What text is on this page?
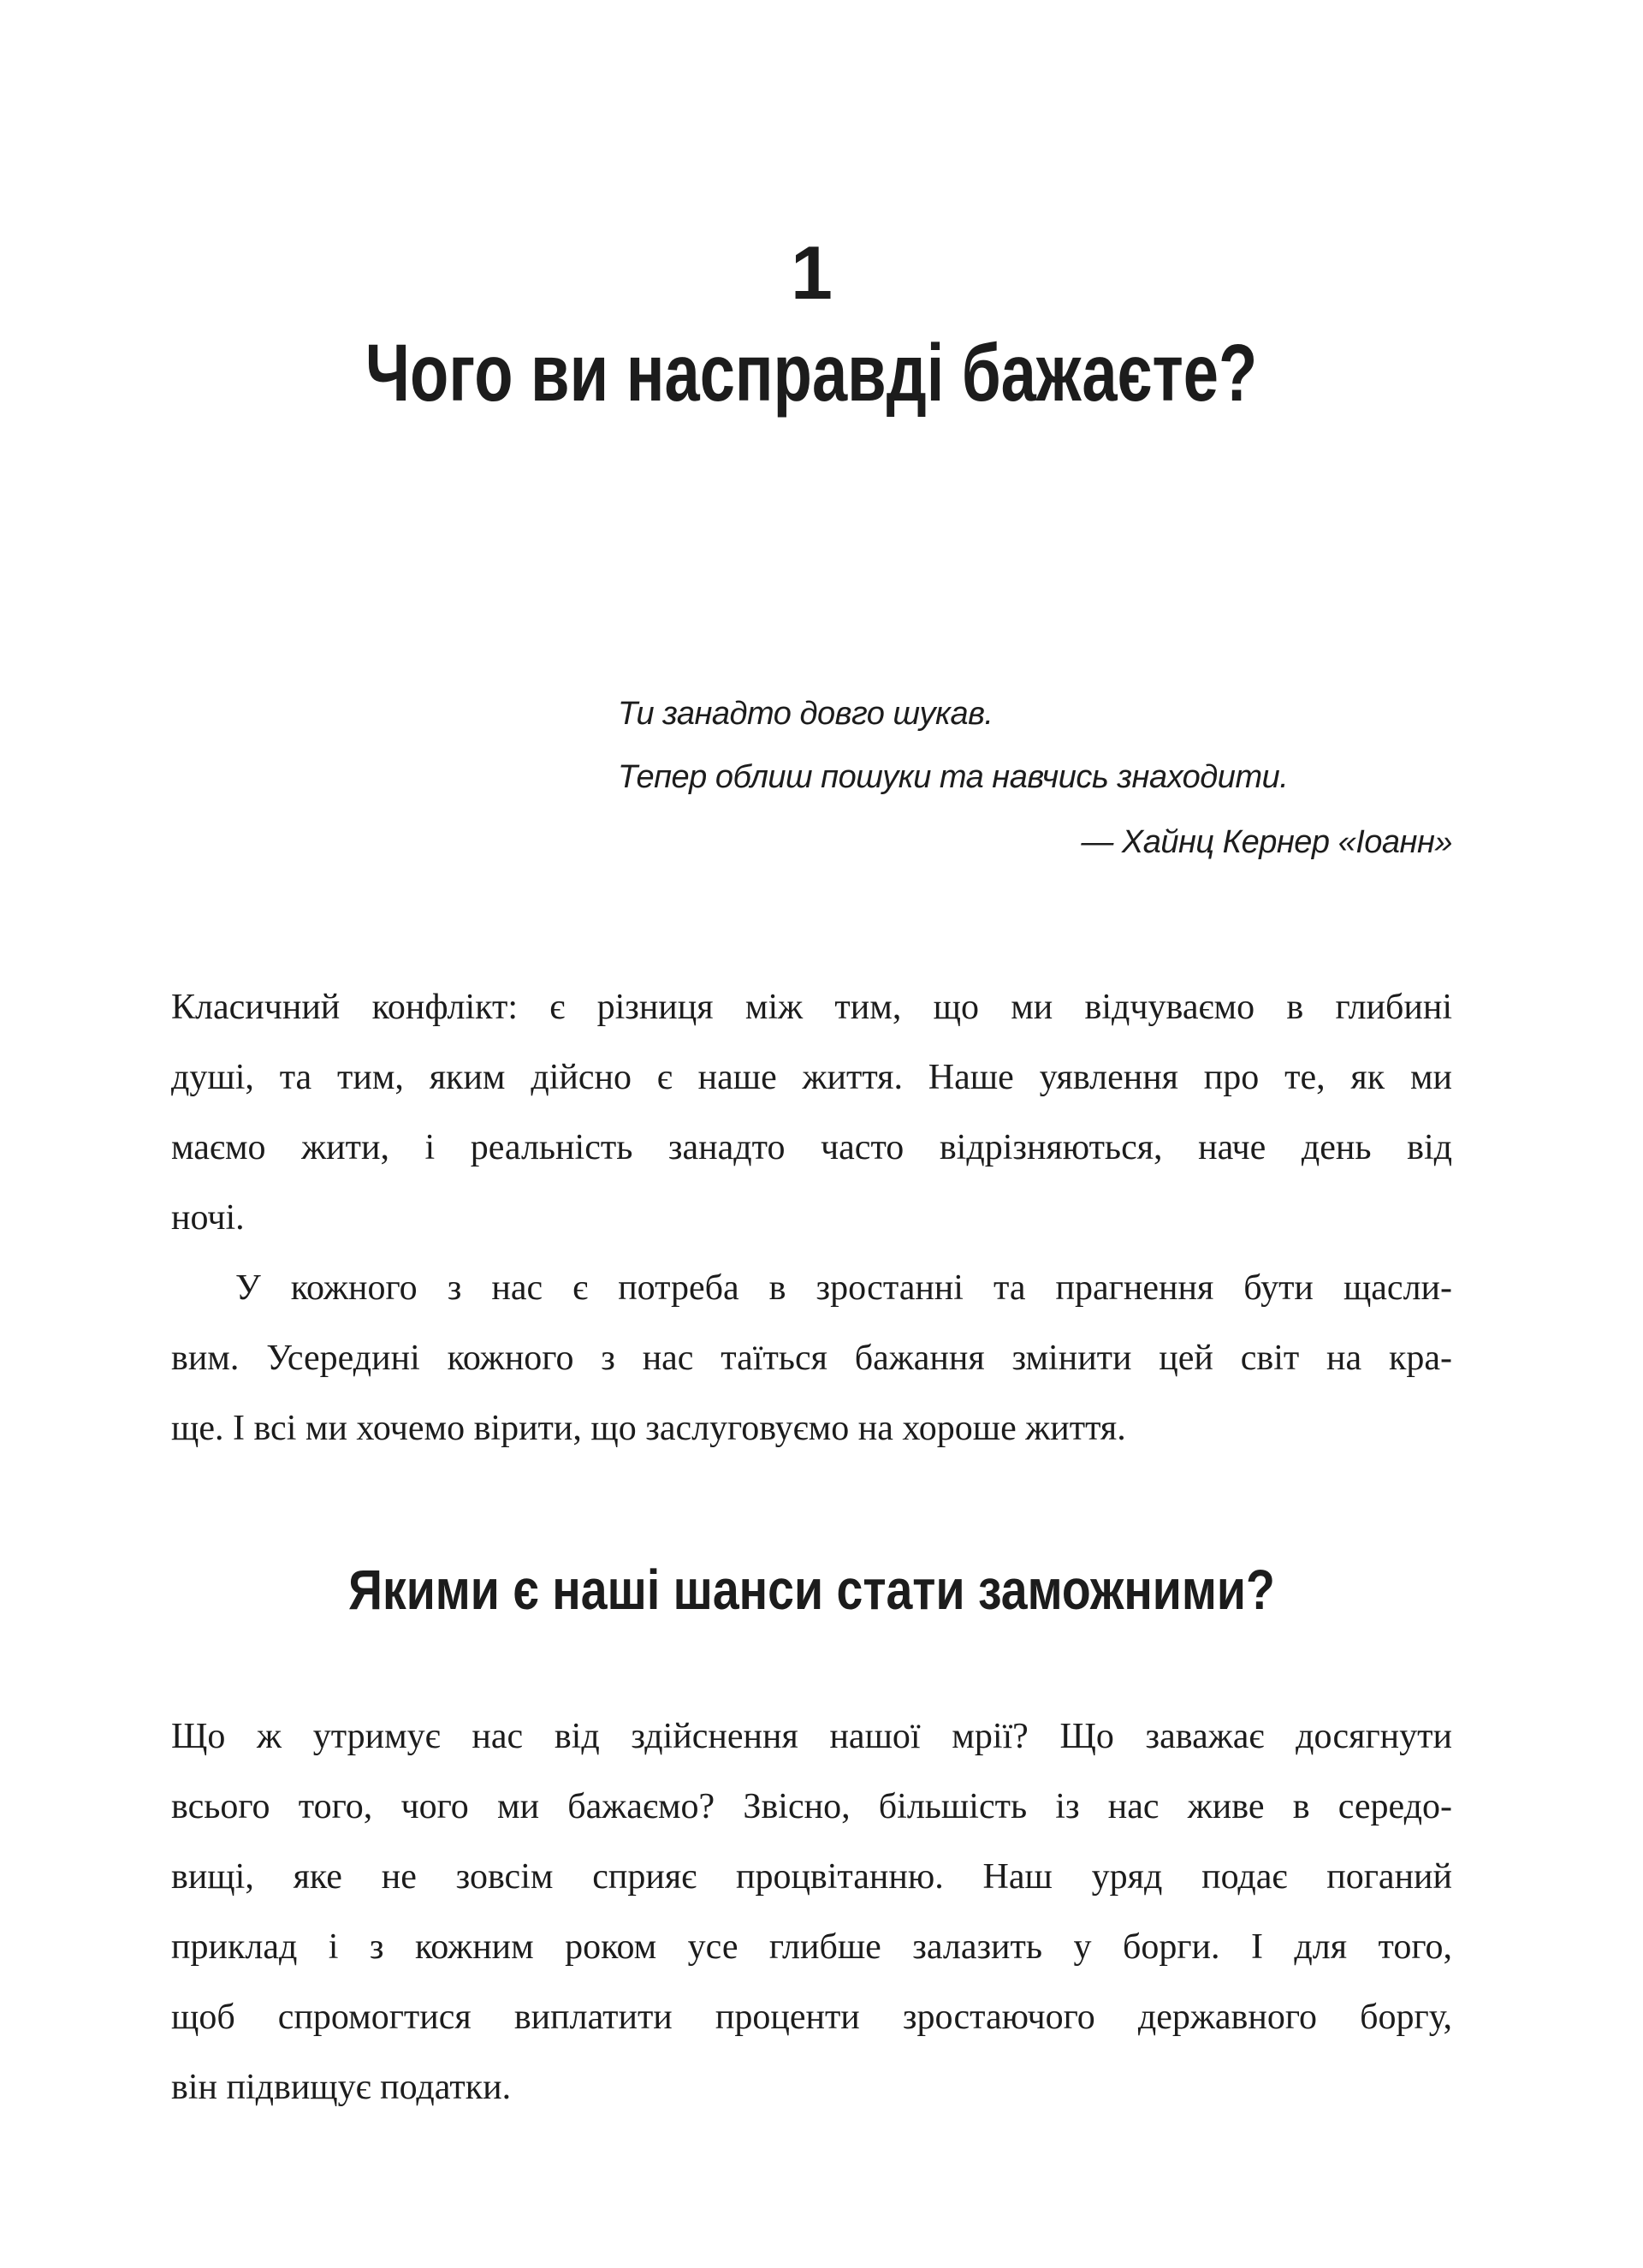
1
Чого ви насправді бажаєте?
Ти занадто довго шукав.
Тепер облиш пошуки та навчись знаходити.
— Хайнц Кернер «Іоанн»
Класичний конфлікт: є різниця між тим, що ми відчуваємо в глибині
душі, та тим, яким дійсно є наше життя. Наше уявлення про те, як ми
маємо жити, і реальність занадто часто відрізняються, наче день від
ночі.
У кожного з нас є потреба в зростанні та прагнення бути щасли-
вим. Усередині кожного з нас таїться бажання змінити цей світ на кра-
ще. І всі ми хочемо вірити, що заслуговуємо на хороше життя.
Якими є наші шанси стати заможними?
Що ж утримує нас від здійснення нашої мрії? Що заважає досягнути
всього того, чого ми бажаємо? Звісно, більшість із нас живе в середо-
вищі, яке не зовсім сприяє процвітанню. Наш уряд подає поганий
приклад і з кожним роком усе глибше залазить у борги. І для того,
щоб спромогтися виплатити проценти зростаючого державного боргу,
він підвищує податки.
